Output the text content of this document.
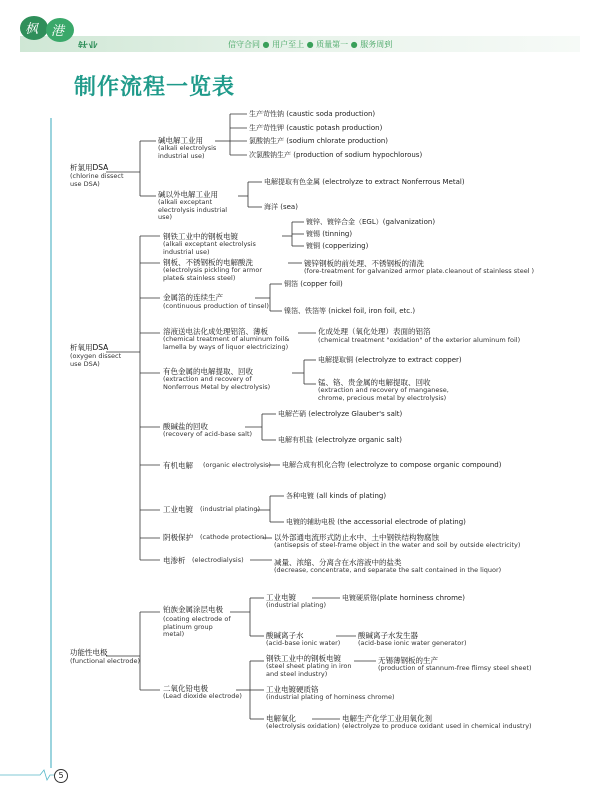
枫 港
钛业	信守合同 ● 用户至上 ● 质量第一 ● 服务周到
制作流程一览表
析氯用DSA
(chlorine dissect use DSA)
碱电解工业用
(alkali electrolysis industrial use)
生产苛性钠 (caustic soda production)
生产苛性钾 (caustic potash production)
氯酸钠生产 (sodium chlorate production)
次氯酸钠生产 (production of sodium hypochlorous)
碱以外电解工业用
(alkali exceptant electrolysis industrial use)
电解提取有色金属 (electrolyze to extract Nonferrous Metal)
海洋 (sea)
析氧用DSA
(oxygen dissect use DSA)
钢铁工业中的钢板电镀
(alkali exceptant electrolysis industrial use)
镀锌、镀锌合金（EGL）(galvanization)
镀锡 (tinning)
镀铜 (copperizing)
钢板、不锈钢板的电解酸洗
(electrolysis pickling for armor plate& stainless steel)
镀锌钢板的前处理、不锈钢板的清洗
(fore-treatment for galvanized armor plate.cleanout of stainless steel )
金属箔的连续生产
(continuous production of tinsel)
铜箔 (copper foil)
镍箔、铁箔等 (nickel foil, iron foil, etc.)
溶液送电法化成处理铝箔、薄板
(chemical treatment of aluminum foil& lamella by ways of liquor electricizing)
化成处理（氧化处理）表面的铝箔
(chemical treatment "oxidation" of the exterior aluminum foil)
有色金属的电解提取、回收
(extraction and recovery of Nonferrous Metal by electrolysis)
电解提取铜 (electrolyze to extract copper)
锰、铬、贵金属的电解提取、回收
(extraction and recovery of manganese, chrome, precious metal by electrolysis)
酸碱盐的回收
(recovery of acid-base salt)
电解芒硝 (electrolyze Glauber's salt)
电解有机盐 (electrolyze organic salt)
有机电解 (organic electrolysis) 电解合成有机化合物 (electrolyze to compose organic compound)
工业电镀 (industrial plating)
各种电镀 (all kinds of plating)
电镀的辅助电极 (the accessorial electrode of plating)
阴极保护 (cathode protection) 以外部通电流形式防止水中、土中钢铁结构物腐蚀
(antisepsis of steel-frame object in the water and soil by outside electricity)
电渗析 (electrodialysis)	减量、浓缩、分离含在水溶液中的盐类
(decrease, concentrate, and separate the salt contained in the liquor)
功能性电极
(functional electrode)
铂族金属涂层电极
(coating electrode of platinum group metal)
工业电镀
(industrial plating)
电镀硬质铬(plate horniness chrome)
酸碱离子水
(acid-base ionic water)
酸碱离子水发生器
(acid-base ionic water generator)
二氧化铅电极
(Lead dioxide electrode)
钢铁工业中的钢板电镀
(steel sheet plating in iron and steel industry)
无锡薄钢板的生产
(production of stannum-free flimsy steel sheet)
工业电镀硬质铬
(industrial plating of horniness chrome)
电解氧化
(electrolysis oxidation)
电解生产化学工业用氧化剂
(electrolyze to produce oxidant used in chemical industry)
5
